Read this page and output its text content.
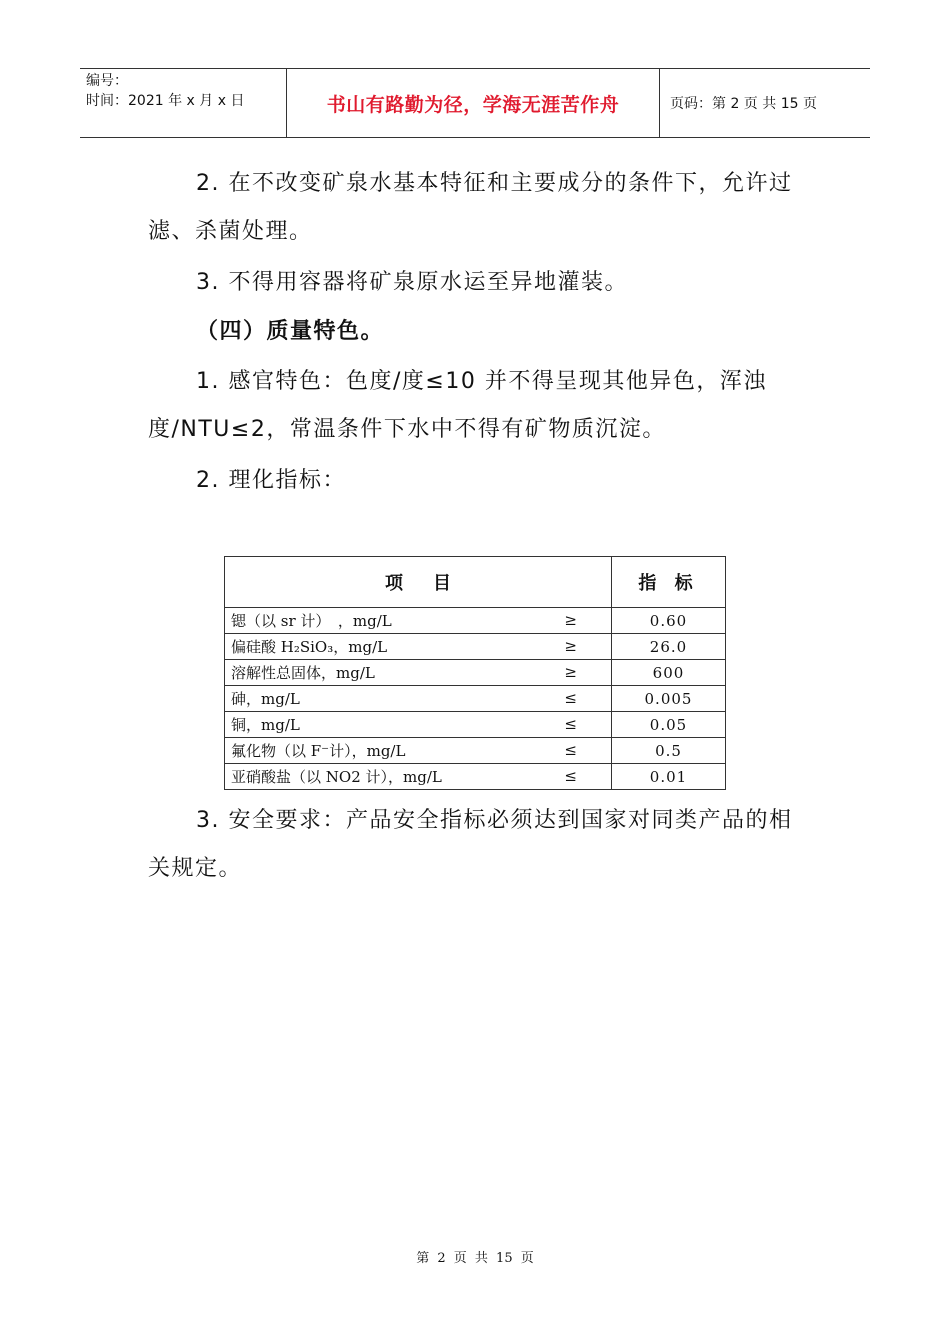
编号：
时间：2021 年 x 月 x 日	书山有路勤为径，学海无涯苦作舟	页码：第 2 页 共 15 页
2. 在不改变矿泉水基本特征和主要成分的条件下，允许过滤、杀菌处理。
3. 不得用容器将矿泉原水运至异地灌装。
（四）质量特色。
1. 感官特色：色度/度≤10 并不得呈现其他异色，浑浊度/NTU≤2，常温条件下水中不得有矿物质沉淀。
2. 理化指标：
项　目	指 标
锶（以 sr 计）　，mg/L ≥	0.60
偏硅酸 H₂SiO₃，mg/L ≥	26.0
溶解性总固体，mg/L ≥	600
砷，mg/L ≤	0.005
铜，mg/L ≤	0.05
氟化物（以 F⁻计），mg/L ≤	0.5
亚硝酸盐（以 NO2 计），mg/L ≤	0.01
3. 安全要求：产品安全指标必须达到国家对同类产品的相关规定。
第 2 页 共 15 页
